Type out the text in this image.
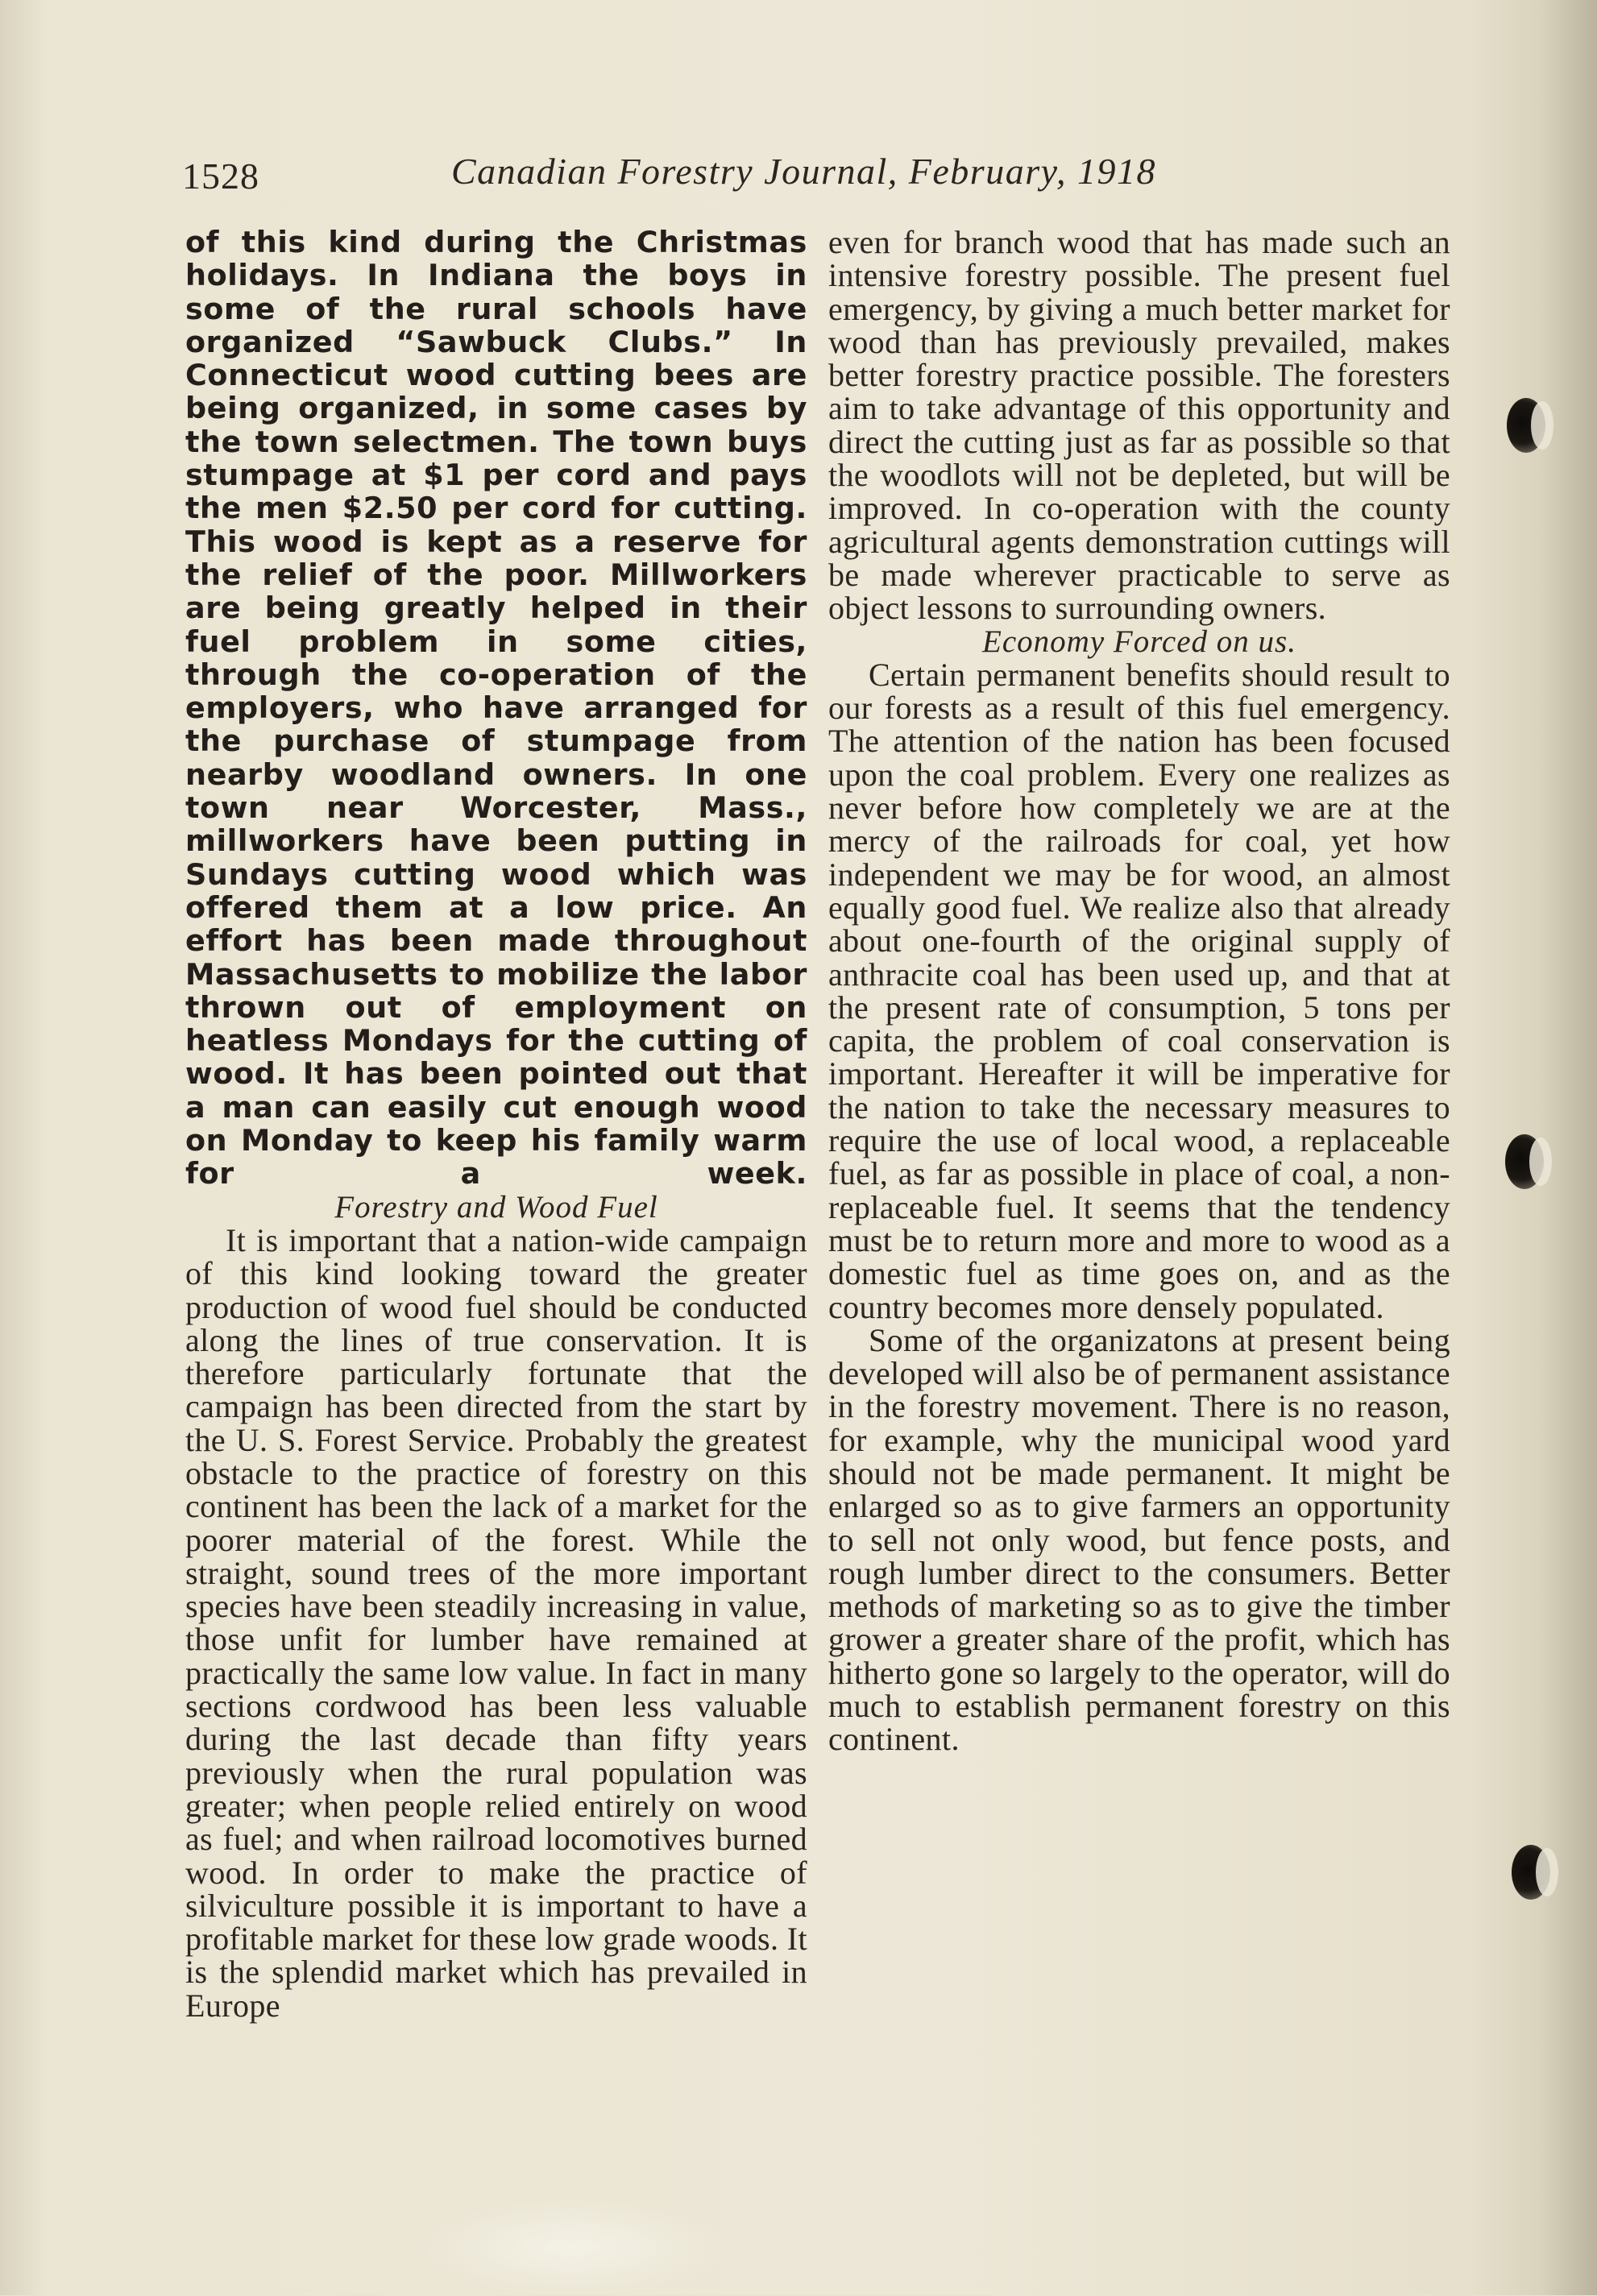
1528	Canadian Forestry Journal, February, 1918

of this kind during the Christmas holidays. In Indiana the boys in some of the rural schools have organized “Sawbuck Clubs.” In Connecticut wood cutting bees are being organized, in some cases by the town selectmen. The town buys stumpage at $1 per cord and pays the men $2.50 per cord for cutting. This wood is kept as a reserve for the relief of the poor. Millworkers are being greatly helped in their fuel problem in some cities, through the co-operation of the employers, who have arranged for the purchase of stumpage from nearby woodland owners. In one town near Worcester, Mass., millworkers have been putting in Sundays cutting wood which was offered them at a low price. An effort has been made throughout Massachusetts to mobilize the labor thrown out of employment on heatless Mondays for the cutting of wood. It has been pointed out that a man can easily cut enough wood on Monday to keep his family warm for a week.

Forestry and Wood Fuel

It is important that a nation-wide campaign of this kind looking toward the greater production of wood fuel should be conducted along the lines of true conservation. It is therefore particularly fortunate that the campaign has been directed from the start by the U. S. Forest Service. Probably the greatest obstacle to the practice of forestry on this continent has been the lack of a market for the poorer material of the forest. While the straight, sound trees of the more important species have been steadily increasing in value, those unfit for lumber have remained at practically the same low value. In fact in many sections cordwood has been less valuable during the last decade than fifty years previously when the rural population was greater; when people relied entirely on wood as fuel; and when railroad locomotives burned wood. In order to make the practice of silviculture possible it is important to have a profitable market for these low grade woods. It is the splendid market which has prevailed in Europe

even for branch wood that has made such an intensive forestry possible. The present fuel emergency, by giving a much better market for wood than has previously prevailed, makes better forestry practice possible. The foresters aim to take advantage of this opportunity and direct the cutting just as far as possible so that the woodlots will not be depleted, but will be improved. In co-operation with the county agricultural agents demonstration cuttings will be made wherever practicable to serve as object lessons to surrounding owners.

Economy Forced on us.

Certain permanent benefits should result to our forests as a result of this fuel emergency. The attention of the nation has been focused upon the coal problem. Every one realizes as never before how completely we are at the mercy of the railroads for coal, yet how independent we may be for wood, an almost equally good fuel. We realize also that already about one-fourth of the original supply of anthracite coal has been used up, and that at the present rate of consumption, 5 tons per capita, the problem of coal conservation is important. Hereafter it will be imperative for the nation to take the necessary measures to require the use of local wood, a replaceable fuel, as far as possible in place of coal, a non-replaceable fuel. It seems that the tendency must be to return more and more to wood as a domestic fuel as time goes on, and as the country becomes more densely populated.

Some of the organizatons at present being developed will also be of permanent assistance in the forestry movement. There is no reason, for example, why the municipal wood yard should not be made permanent. It might be enlarged so as to give farmers an opportunity to sell not only wood, but fence posts, and rough lumber direct to the consumers. Better methods of marketing so as to give the timber grower a greater share of the profit, which has hitherto gone so largely to the operator, will do much to establish permanent forestry on this continent.
